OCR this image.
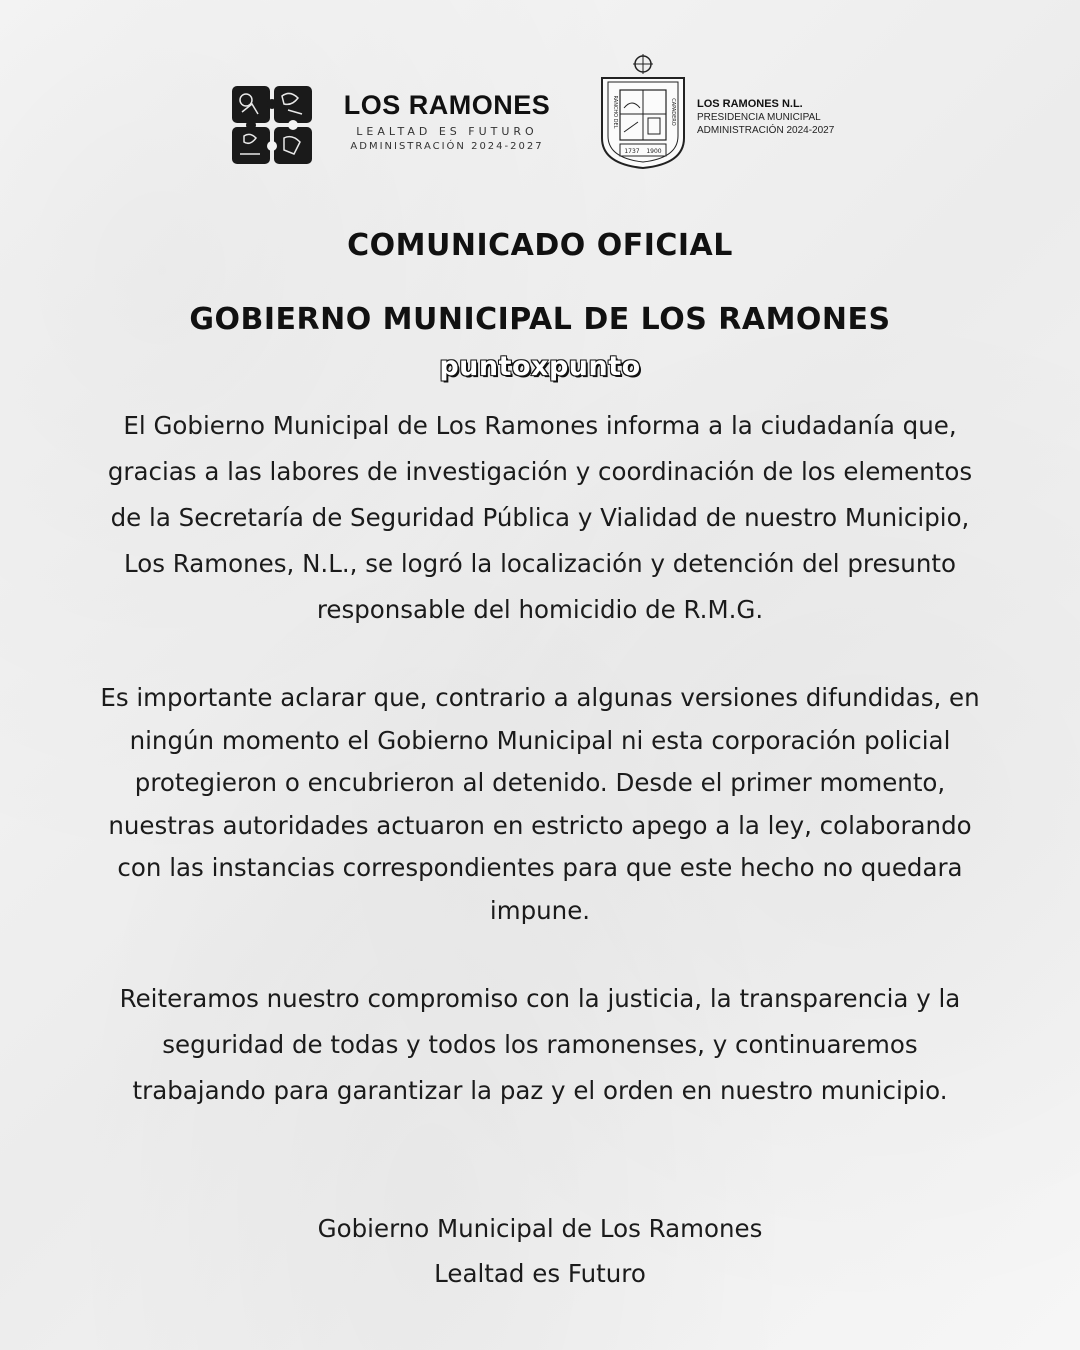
LOS RAMONES
LEALTAD ES FUTURO
ADMINISTRACIÓN 2024-2027	1737 1900
RANCHO DEL	CAPADERO LOS RAMONES N.L.
PRESIDENCIA MUNICIPAL
ADMINISTRACIÓN 2024-2027
COMUNICADO OFICIAL
GOBIERNO MUNICIPAL DE LOS RAMONES
puntoxpunto
El Gobierno Municipal de Los Ramones informa a la ciudadanía que, gracias a las labores de investigación y coordinación de los elementos de la Secretaría de Seguridad Pública y Vialidad de nuestro Municipio, Los Ramones, N.L., se logró la localización y detención del presunto responsable del homicidio de R.M.G.
Es importante aclarar que, contrario a algunas versiones difundidas, en ningún momento el Gobierno Municipal ni esta corporación policial protegieron o encubrieron al detenido. Desde el primer momento, nuestras autoridades actuaron en estricto apego a la ley, colaborando con las instancias correspondientes para que este hecho no quedara impune.
Reiteramos nuestro compromiso con la justicia, la transparencia y la seguridad de todas y todos los ramonenses, y continuaremos trabajando para garantizar la paz y el orden en nuestro municipio.
Gobierno Municipal de Los Ramones
Lealtad es Futuro
